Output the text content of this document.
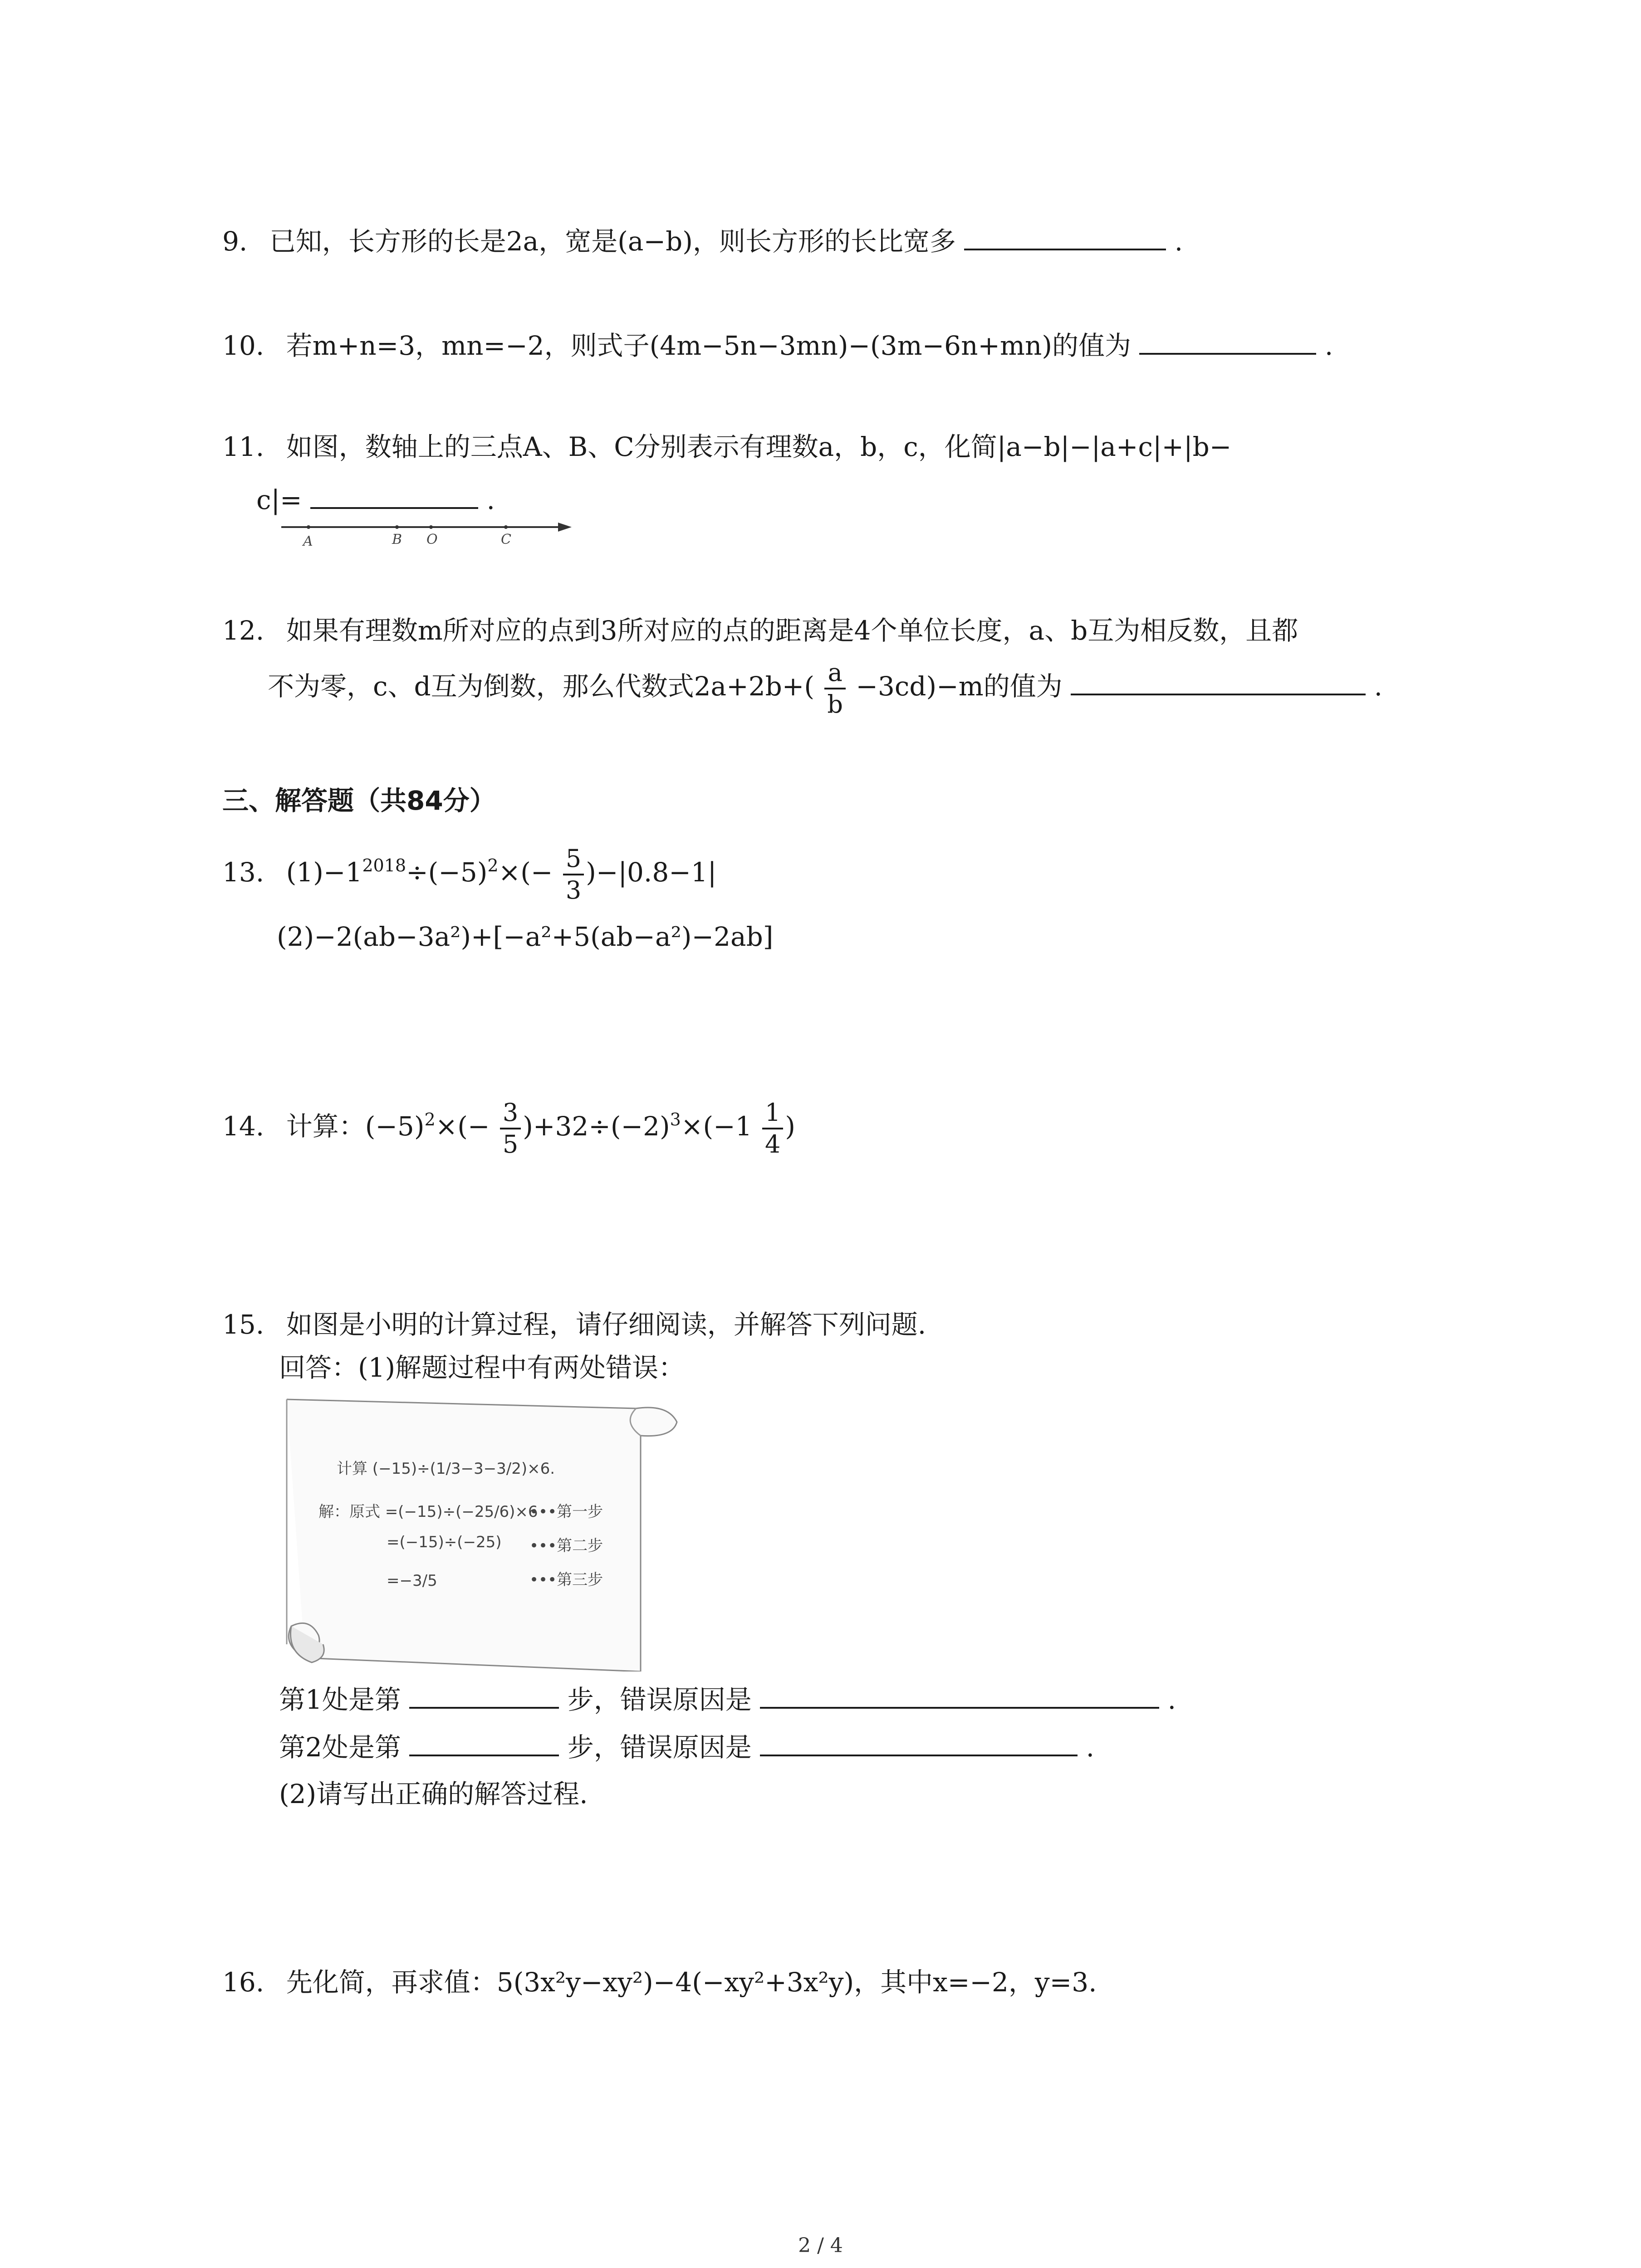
9. 已知，长方形的长是2a，宽是(a−b)，则长方形的长比宽多	.
10. 若m+n=3，mn=−2，则式子(4m−5n−3mn)−(3m−6n+mn)的值为	.
11. 如图，数轴上的三点A、B、C分别表示有理数a，b，c，化简|a−b|−|a+c|+|b−
c|=	.
A	B O	C
12. 如果有理数m所对应的点到3所对应的点的距离是4个单位长度，a、b互为相反数，且都
不为零，c、d互为倒数，那么代数式$2a+2b+( \frac{a}{b} -3cd)-m$的值为	.
三、解答题（共84分）
13. $(1)-1^{2018}\div(-5)^2\times(- \frac{5}{3} )-|0.8-1|$
(2)−2(ab−3a²)+[−a²+5(ab−a²)−2ab]
14. 计算：$(-5)^2\times(- \frac{3}{5} )+32\div(-2)^3\times(-1 \frac{1}{4}$ )
15. 如图是小明的计算过程，请仔细阅读，并解答下列问题.
回答：(1)解题过程中有两处错误：
计算 (−15)÷(1/3−3−3/2)×6.
解：原式 =(−15)÷(−25/6)×6
•••第一步
=(−15)÷(−25) •••第二步
=−3/5	•••第三步
第1处是第	步，错误原因是	.
第2处是第	步，错误原因是	.
(2)请写出正确的解答过程.
16. 先化简，再求值：5(3x²y−xy²)−4(−xy²+3x²y)，其中x=−2，y=3.
2 / 4
